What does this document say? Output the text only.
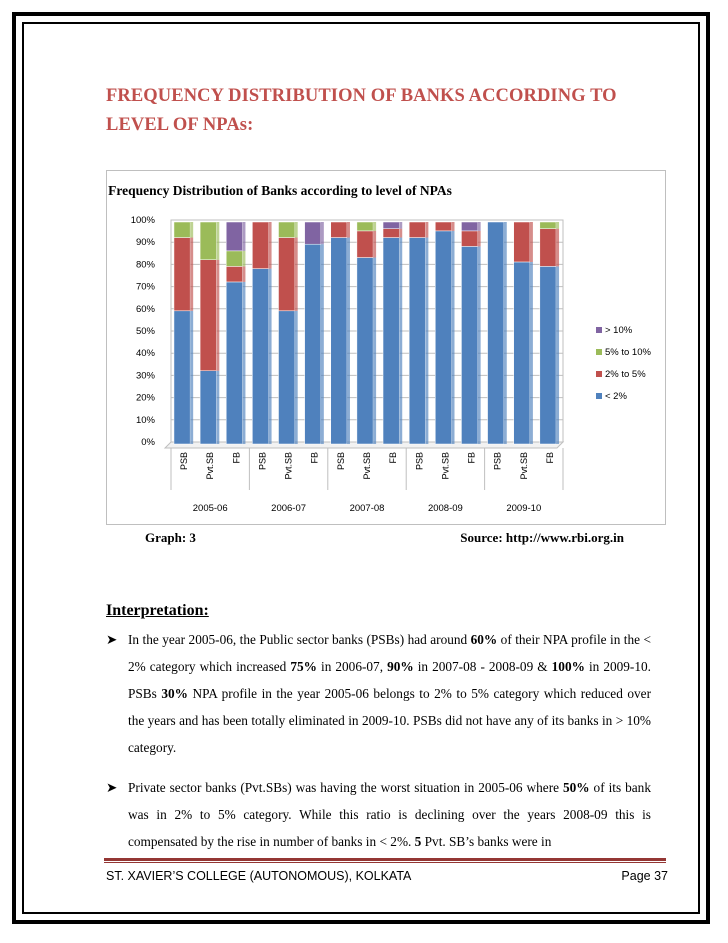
FREQUENCY DISTRIBUTION OF BANKS ACCORDING TO LEVEL OF NPAs:
Frequency Distribution of Banks according to level of NPAs
0%
10%
20%
30%
40%
50%
60%
70%
80%
90%
100%
PSB Pvt.SB FB PSB Pvt.SB FB PSB Pvt.SB FB PSB Pvt.SB FB PSB Pvt.SB FB
2005-06	2006-07	2007-08	2008-09	2009-10
> 10%
5% to 10%
2% to 5%
< 2%
Graph: 3	Source: http://www.rbi.org.in
Interpretation:
➤ In the year 2005-06, the Public sector banks (PSBs) had around 60% of their NPA profile in the < 2% category which increased 75% in 2006-07, 90% in 2007-08 - 2008-09 & 100% in 2009-10. PSBs 30% NPA profile in the year 2005-06 belongs to 2% to 5% category which reduced over the years and has been totally eliminated in 2009-10. PSBs did not have any of its banks in > 10% category.
➤ Private sector banks (Pvt.SBs) was having the worst situation in 2005-06 where 50% of its bank was in 2% to 5% category. While this ratio is declining over the years 2008-09 this is compensated by the rise in number of banks in < 2%. 5 Pvt. SB’s banks were in
ST. XAVIER’S COLLEGE (AUTONOMOUS), KOLKATA	Page 37
